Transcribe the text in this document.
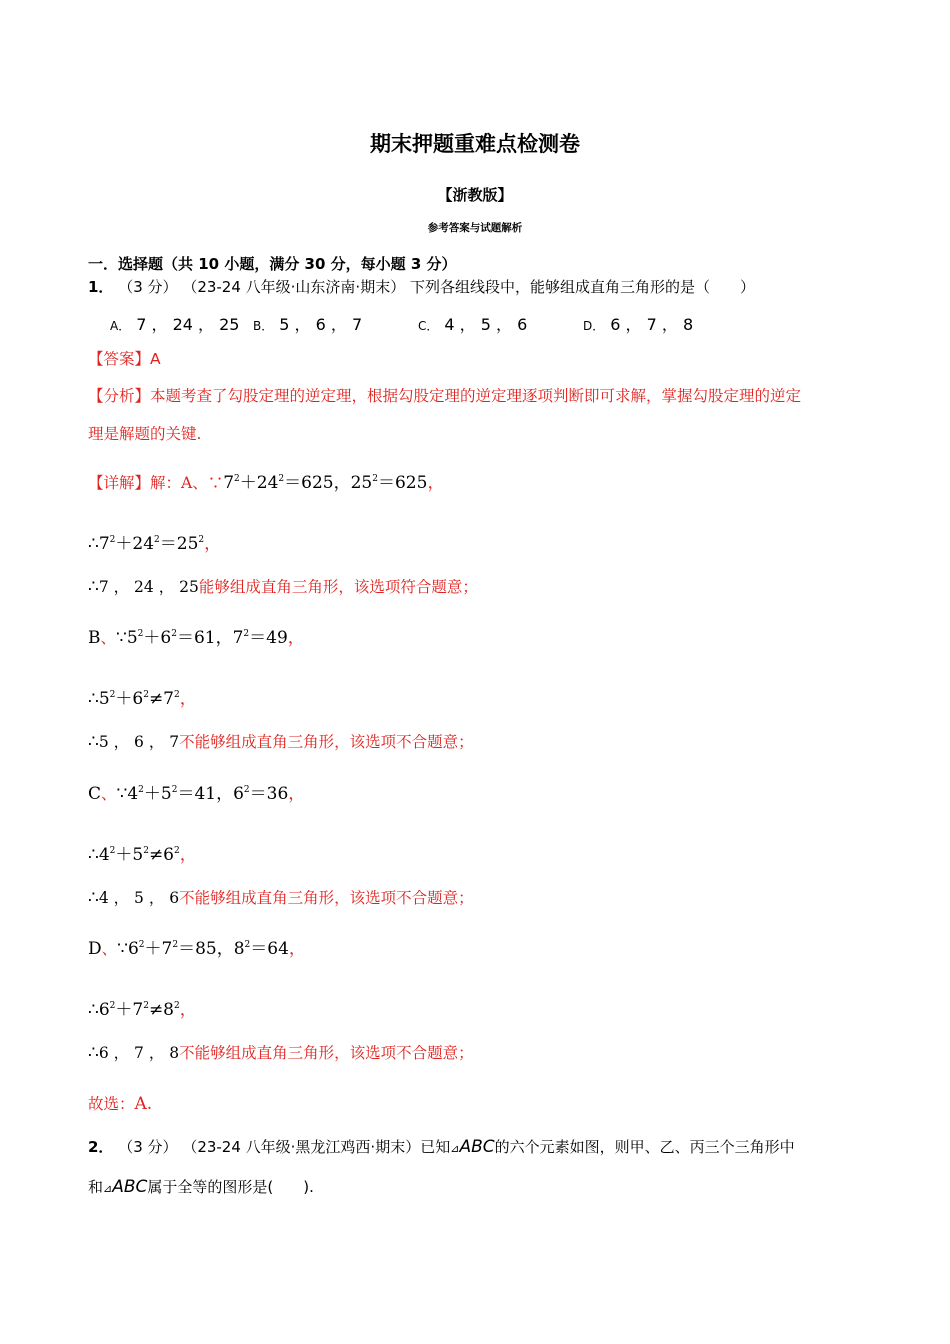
期末押题重难点检测卷
【浙教版】
参考答案与试题解析
一．选择题（共 10 小题，满分 30 分，每小题 3 分）
1． （3 分） （23-24 八年级·山东济南·期末） 下列各组线段中，能够组成直角三角形的是（　　）
A． 7 ， 24 ， 25 B． 5 ， 6 ， 7	C． 4 ， 5 ， 6	D． 6 ， 7 ， 8
【答案】A
【分析】本题考查了勾股定理的逆定理，根据勾股定理的逆定理逐项判断即可求解，掌握勾股定理的逆定
理是解题的关键.
【详解】解：A、$\because 7^2+24^2=625$，$25^2=625$，
$\therefore 7^2+24^2=25^2$，
∴7 ， 24 ， 25能够组成直角三角形，该选项符合题意；
B、$\because 5^2+6^2=61$，$7^2=49$，
$\therefore 5^2+6^2\ne 7^2$，
∴5 ， 6 ， 7不能够组成直角三角形，该选项不合题意；
C、$\because 4^2+5^2=41$，$6^2=36$，
$\therefore 4^2+5^2\ne 6^2$，
∴4 ， 5 ， 6不能够组成直角三角形，该选项不合题意；
D、$\because 6^2+7^2=85$，$8^2=64$，
$\therefore 6^2+7^2\ne 8^2$，
∴6 ， 7 ， 8不能够组成直角三角形，该选项不合题意；
故选：A.
2． （3 分） （23-24 八年级·黑龙江鸡西·期末）已知⊿ABC的六个元素如图，则甲、乙、丙三个三角形中
和⊿ABC属于全等的图形是(　　).
